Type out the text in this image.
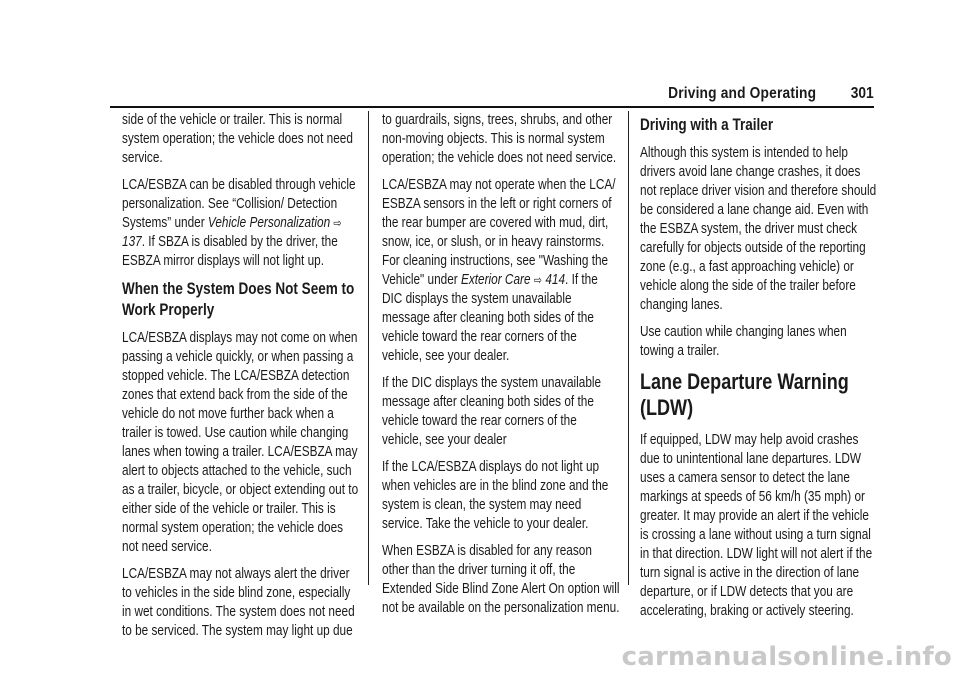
Driving and Operating 301

side of the vehicle or trailer. This is normal system operation; the vehicle does not need service.

LCA/ESBZA can be disabled through vehicle personalization. See “Collision/ Detection Systems” under Vehicle Personalization ⇨ 137. If SBZA is disabled by the driver, the ESBZA mirror displays will not light up.

When the System Does Not Seem to Work Properly

LCA/ESBZA displays may not come on when passing a vehicle quickly, or when passing a stopped vehicle. The LCA/ESBZA detection zones that extend back from the side of the vehicle do not move further back when a trailer is towed. Use caution while changing lanes when towing a trailer. LCA/ESBZA may alert to objects attached to the vehicle, such as a trailer, bicycle, or object extending out to either side of the vehicle or trailer. This is normal system operation; the vehicle does not need service.

LCA/ESBZA may not always alert the driver to vehicles in the side blind zone, especially in wet conditions. The system does not need to be serviced. The system may light up due

to guardrails, signs, trees, shrubs, and other non-moving objects. This is normal system operation; the vehicle does not need service.

LCA/ESBZA may not operate when the LCA/ ESBZA sensors in the left or right corners of the rear bumper are covered with mud, dirt, snow, ice, or slush, or in heavy rainstorms. For cleaning instructions, see "Washing the Vehicle" under Exterior Care ⇨ 414. If the DIC displays the system unavailable message after cleaning both sides of the vehicle toward the rear corners of the vehicle, see your dealer.

If the DIC displays the system unavailable message after cleaning both sides of the vehicle toward the rear corners of the vehicle, see your dealer

If the LCA/ESBZA displays do not light up when vehicles are in the blind zone and the system is clean, the system may need service. Take the vehicle to your dealer.

When ESBZA is disabled for any reason other than the driver turning it off, the Extended Side Blind Zone Alert On option will not be available on the personalization menu.

Driving with a Trailer

Although this system is intended to help drivers avoid lane change crashes, it does not replace driver vision and therefore should be considered a lane change aid. Even with the ESBZA system, the driver must check carefully for objects outside of the reporting zone (e.g., a fast approaching vehicle) or vehicle along the side of the trailer before changing lanes.

Use caution while changing lanes when towing a trailer.

Lane Departure Warning (LDW)

If equipped, LDW may help avoid crashes due to unintentional lane departures. LDW uses a camera sensor to detect the lane markings at speeds of 56 km/h (35 mph) or greater. It may provide an alert if the vehicle is crossing a lane without using a turn signal in that direction. LDW light will not alert if the turn signal is active in the direction of lane departure, or if LDW detects that you are accelerating, braking or actively steering.

carmanualsonline.info
